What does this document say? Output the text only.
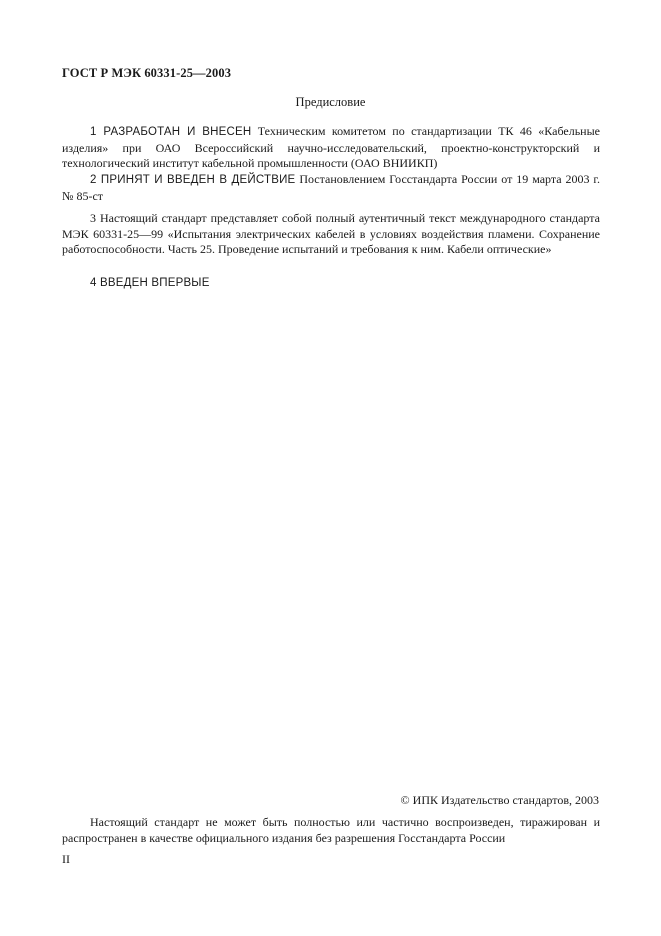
ГОСТ Р МЭК 60331-25—2003
Предисловие

1 РАЗРАБОТАН И ВНЕСЕН Техническим комитетом по стандартизации ТК 46 «Кабельные изделия» при ОАО Всероссийский научно-исследовательский, проектно-конструкторский и технологический институт кабельной промышленности (ОАО ВНИИКП)

2 ПРИНЯТ И ВВЕДЕН В ДЕЙСТВИЕ Постановлением Госстандарта России от 19 марта 2003 г. № 85-ст

3 Настоящий стандарт представляет собой полный аутентичный текст международного стандарта МЭК 60331-25—99 «Испытания электрических кабелей в условиях воздействия пламени. Сохранение работоспособности. Часть 25. Проведение испытаний и требования к ним. Кабели оптические»

4 ВВЕДЕН ВПЕРВЫЕ

© ИПК Издательство стандартов, 2003

Настоящий стандарт не может быть полностью или частично воспроизведен, тиражирован и распространен в качестве официального издания без разрешения Госстандарта России

II
